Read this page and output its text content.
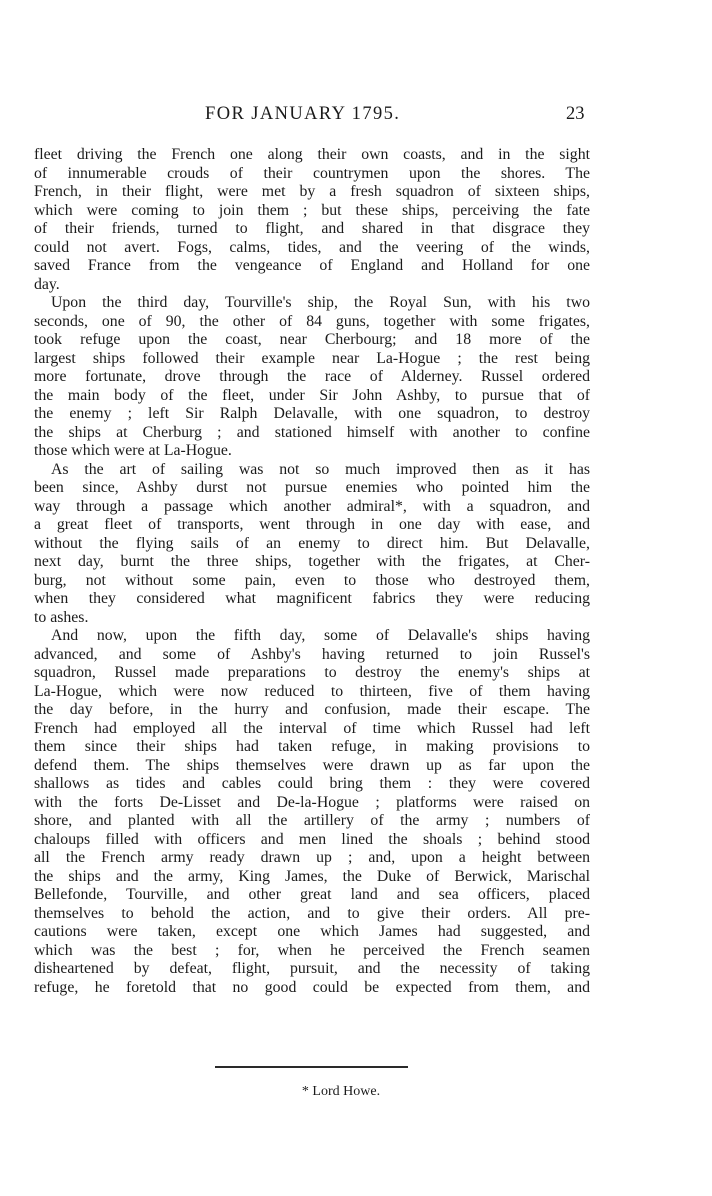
FOR JANUARY 1795.	23
fleet driving the French one along their own coasts, and in the sight
of innumerable crouds of their countrymen upon the shores. The
French, in their flight, were met by a fresh squadron of sixteen ships,
which were coming to join them ; but these ships, perceiving the fate
of their friends, turned to flight, and shared in that disgrace they
could not avert. Fogs, calms, tides, and the veering of the winds,
saved France from the vengeance of England and Holland for one
day.
Upon the third day, Tourville's ship, the Royal Sun, with his two
seconds, one of 90, the other of 84 guns, together with some frigates,
took refuge upon the coast, near Cherbourg; and 18 more of the
largest ships followed their example near La-Hogue ; the rest being
more fortunate, drove through the race of Alderney. Russel ordered
the main body of the fleet, under Sir John Ashby, to pursue that of
the enemy ; left Sir Ralph Delavalle, with one squadron, to destroy
the ships at Cherburg ; and stationed himself with another to confine
those which were at La-Hogue.
As the art of sailing was not so much improved then as it has
been since, Ashby durst not pursue enemies who pointed him the
way through a passage which another admiral*, with a squadron, and
a great fleet of transports, went through in one day with ease, and
without the flying sails of an enemy to direct him. But Delavalle,
next day, burnt the three ships, together with the frigates, at Cher-
burg, not without some pain, even to those who destroyed them,
when they considered what magnificent fabrics they were reducing
to ashes.
And now, upon the fifth day, some of Delavalle's ships having
advanced, and some of Ashby's having returned to join Russel's
squadron, Russel made preparations to destroy the enemy's ships at
La-Hogue, which were now reduced to thirteen, five of them having
the day before, in the hurry and confusion, made their escape. The
French had employed all the interval of time which Russel had left
them since their ships had taken refuge, in making provisions to
defend them. The ships themselves were drawn up as far upon the
shallows as tides and cables could bring them : they were covered
with the forts De-Lisset and De-la-Hogue ; platforms were raised on
shore, and planted with all the artillery of the army ; numbers of
chaloups filled with officers and men lined the shoals ; behind stood
all the French army ready drawn up ; and, upon a height between
the ships and the army, King James, the Duke of Berwick, Marischal
Bellefonde, Tourville, and other great land and sea officers, placed
themselves to behold the action, and to give their orders. All pre-
cautions were taken, except one which James had suggested, and
which was the best ; for, when he perceived the French seamen
disheartened by defeat, flight, pursuit, and the necessity of taking
refuge, he foretold that no good could be expected from them, and
* Lord Howe.
